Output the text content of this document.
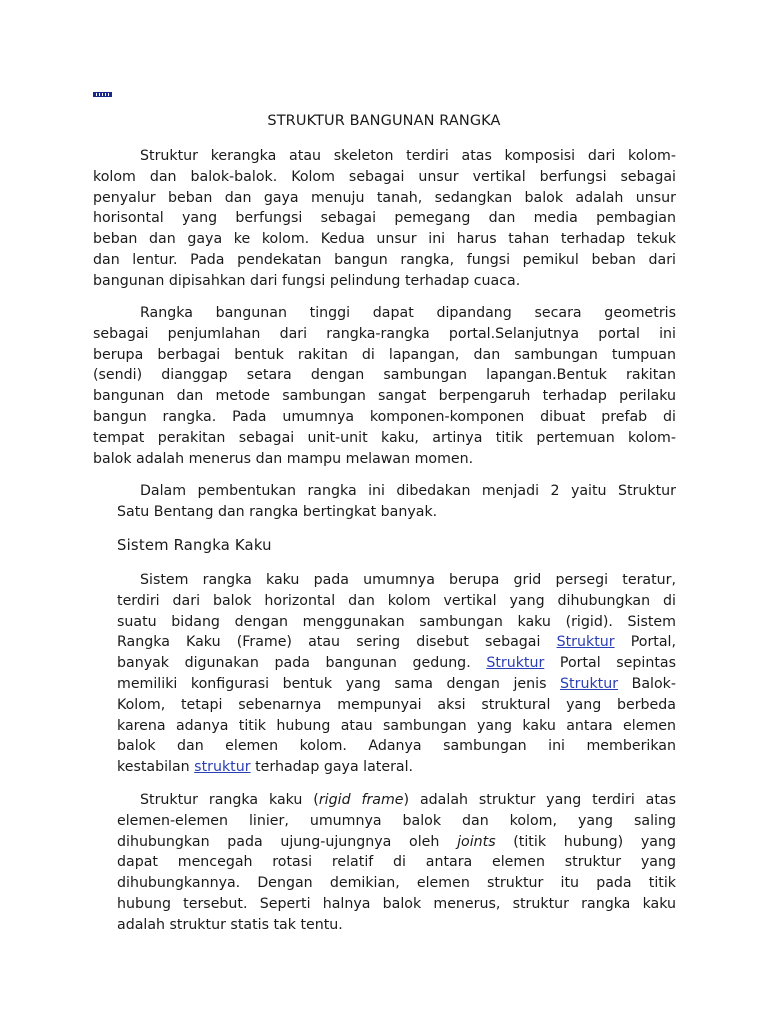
STRUKTUR BANGUNAN RANGKA

Struktur kerangka atau skeleton terdiri atas komposisi dari kolom-
kolom dan balok-balok. Kolom sebagai unsur vertikal berfungsi sebagai
penyalur beban dan gaya menuju tanah, sedangkan balok adalah unsur
horisontal yang berfungsi sebagai pemegang dan media pembagian
beban dan gaya ke kolom. Kedua unsur ini harus tahan terhadap tekuk
dan lentur. Pada pendekatan bangun rangka, fungsi pemikul beban dari
bangunan dipisahkan dari fungsi pelindung terhadap cuaca.

Rangka bangunan tinggi dapat dipandang secara geometris
sebagai penjumlahan dari rangka-rangka portal.Selanjutnya portal ini
berupa berbagai bentuk rakitan di lapangan, dan sambungan tumpuan
(sendi) dianggap setara dengan sambungan lapangan.Bentuk rakitan
bangunan dan metode sambungan sangat berpengaruh terhadap perilaku
bangun rangka. Pada umumnya komponen-komponen dibuat prefab di
tempat perakitan sebagai unit-unit kaku, artinya titik pertemuan kolom-
balok adalah menerus dan mampu melawan momen.

Dalam pembentukan rangka ini dibedakan menjadi 2 yaitu Struktur
Satu Bentang dan rangka bertingkat banyak.

Sistem Rangka Kaku

Sistem rangka kaku pada umumnya berupa grid persegi teratur,
terdiri dari balok horizontal dan kolom vertikal yang dihubungkan di
suatu bidang dengan menggunakan sambungan kaku (rigid). Sistem
Rangka Kaku (Frame) atau sering disebut sebagai Struktur Portal,
banyak digunakan pada bangunan gedung. Struktur Portal sepintas
memiliki konfigurasi bentuk yang sama dengan jenis Struktur Balok-
Kolom, tetapi sebenarnya mempunyai aksi struktural yang berbeda
karena adanya titik hubung atau sambungan yang kaku antara elemen
balok dan elemen kolom. Adanya sambungan ini memberikan
kestabilan struktur terhadap gaya lateral.

Struktur rangka kaku (rigid frame) adalah struktur yang terdiri atas
elemen-elemen linier, umumnya balok dan kolom, yang saling
dihubungkan pada ujung-ujungnya oleh joints (titik hubung) yang
dapat mencegah rotasi relatif di antara elemen struktur yang
dihubungkannya. Dengan demikian, elemen struktur itu pada titik
hubung tersebut. Seperti halnya balok menerus, struktur rangka kaku
adalah struktur statis tak tentu.
